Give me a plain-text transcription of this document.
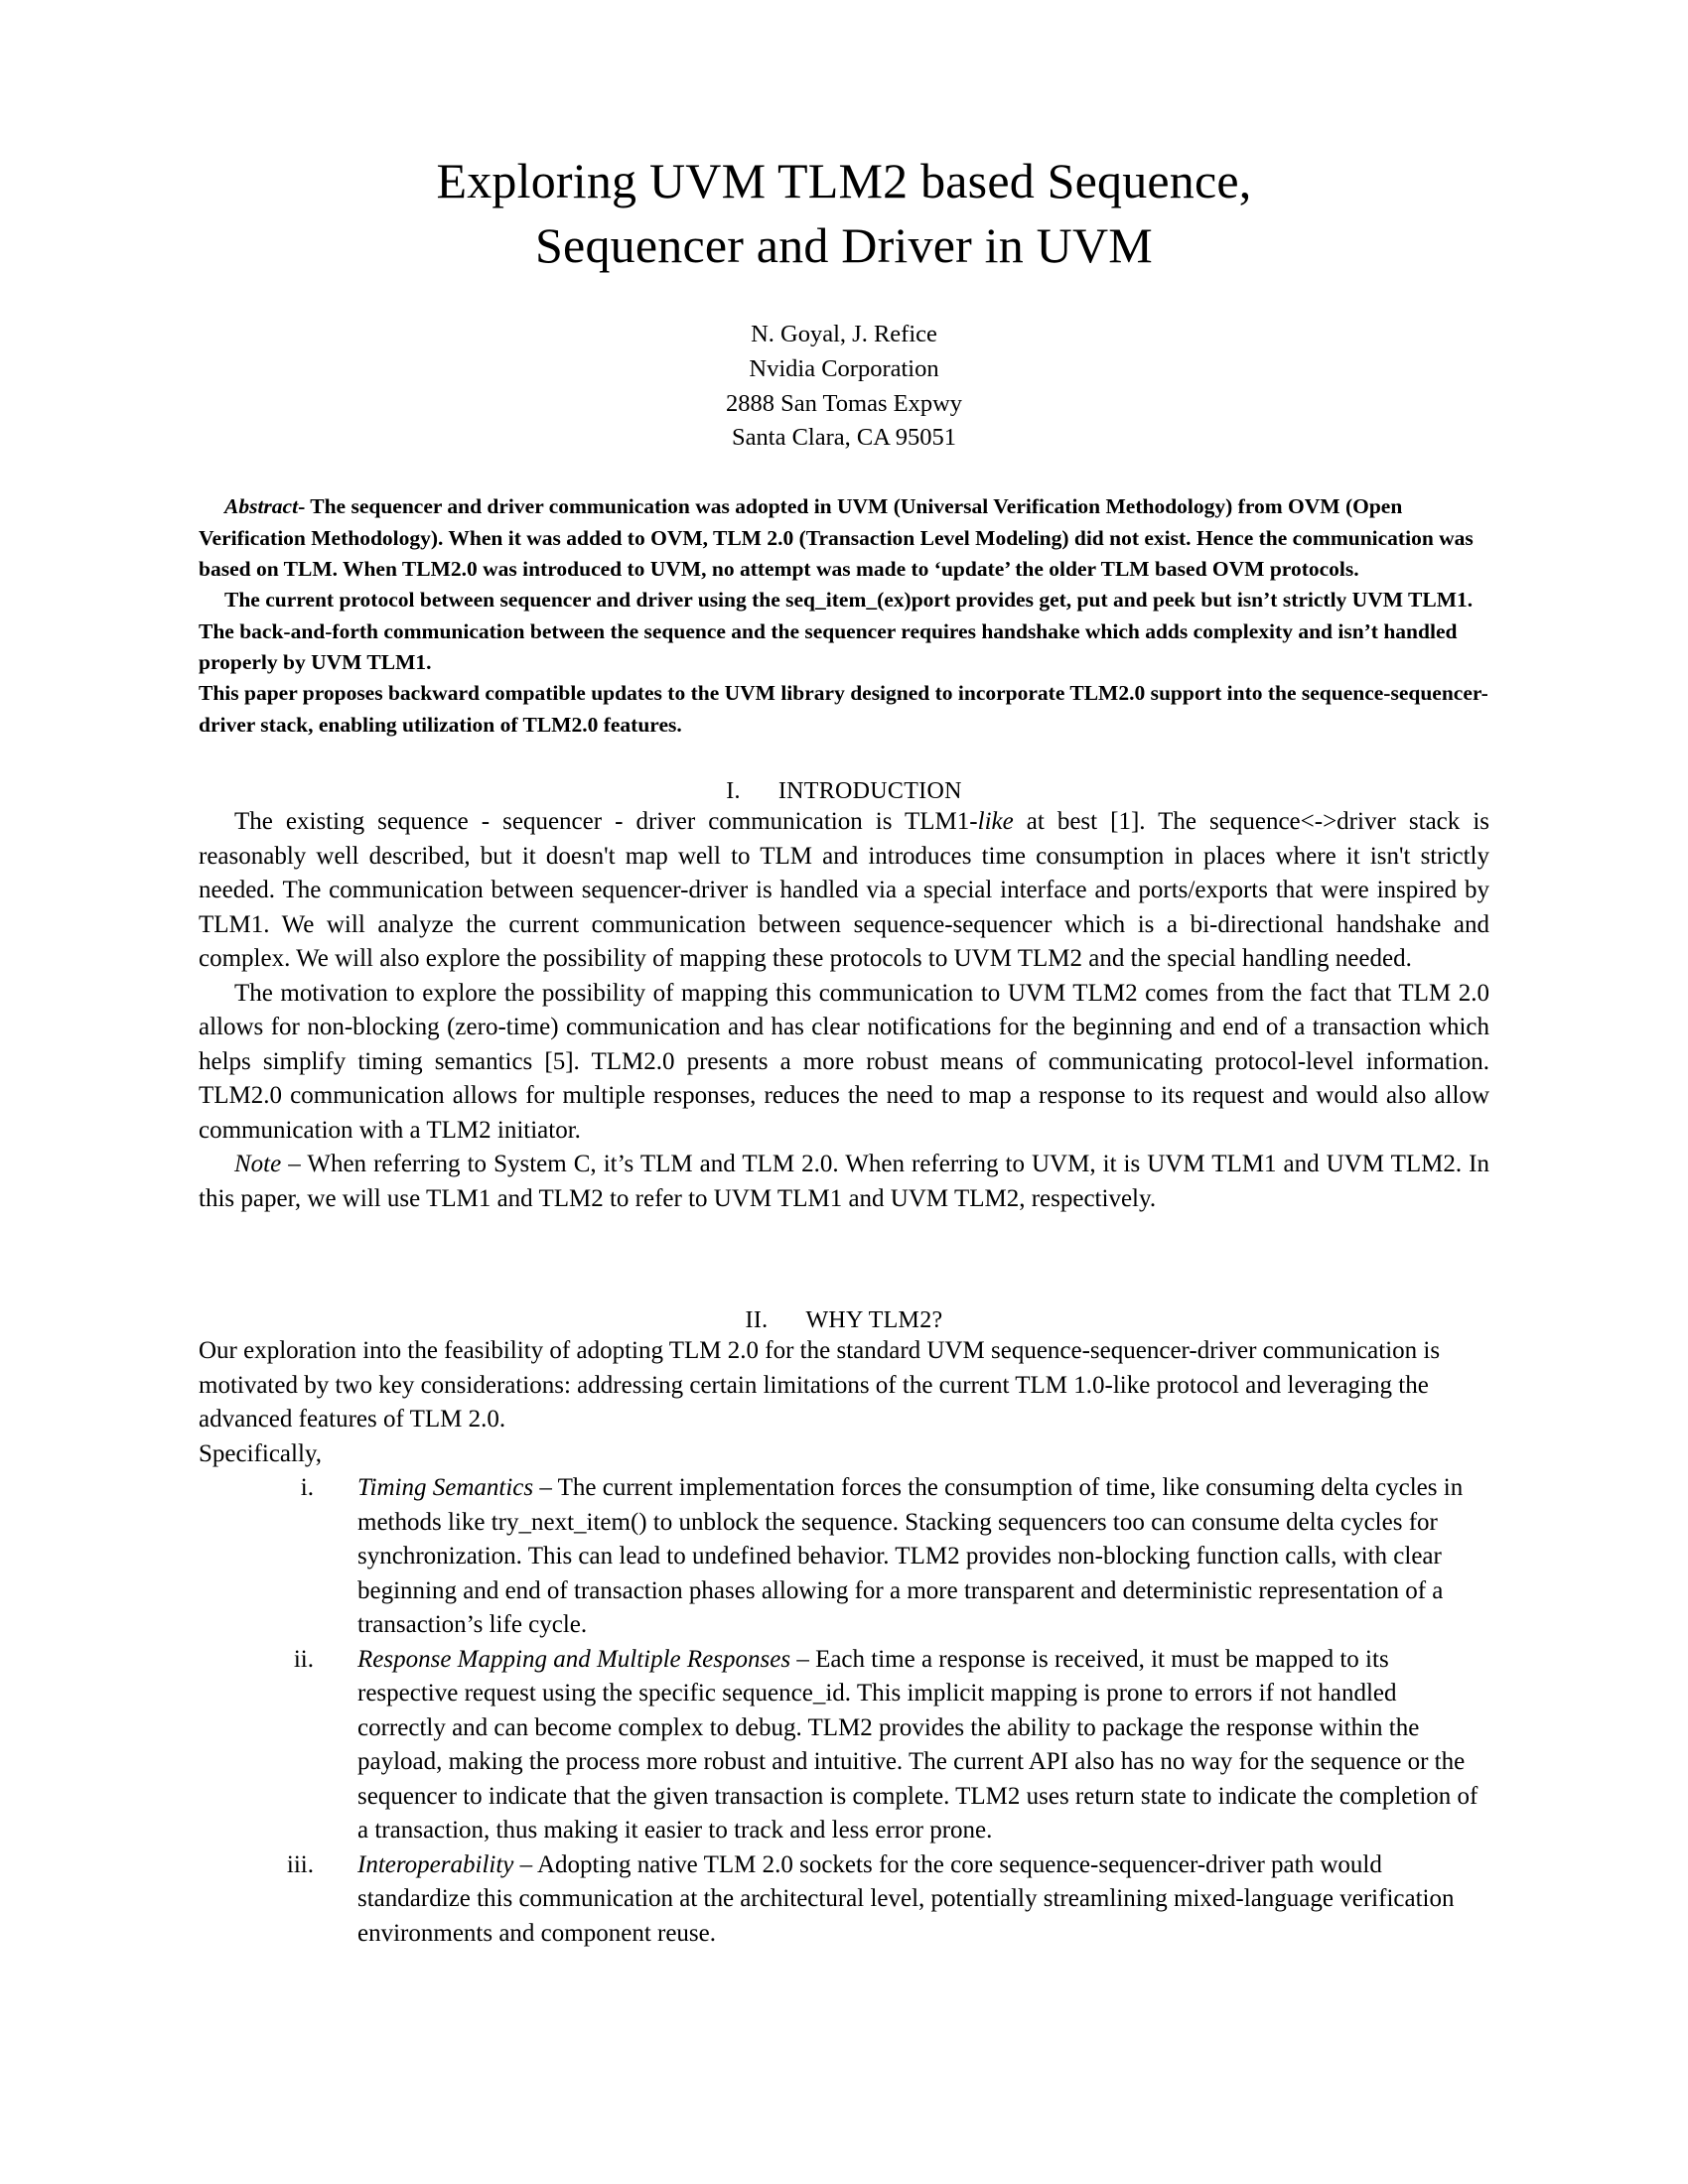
Exploring UVM TLM2 based Sequence,
Sequencer and Driver in UVM
N. Goyal, J. Refice
Nvidia Corporation
2888 San Tomas Expwy
Santa Clara, CA 95051

Abstract- The sequencer and driver communication was adopted in UVM (Universal Verification Methodology) from OVM (Open Verification Methodology). When it was added to OVM, TLM 2.0 (Transaction Level Modeling) did not exist. Hence the communication was based on TLM. When TLM2.0 was introduced to UVM, no attempt was made to ‘update’ the older TLM based OVM protocols.

The current protocol between sequencer and driver using the seq_item_(ex)port provides get, put and peek but isn’t strictly UVM TLM1. The back-and-forth communication between the sequence and the sequencer requires handshake which adds complexity and isn’t handled properly by UVM TLM1.

This paper proposes backward compatible updates to the UVM library designed to incorporate TLM2.0 support into the sequence-sequencer-driver stack, enabling utilization of TLM2.0 features.

I. INTRODUCTION

The existing sequence - sequencer - driver communication is TLM1-like at best [1]. The sequence<->driver stack is reasonably well described, but it doesn't map well to TLM and introduces time consumption in places where it isn't strictly needed. The communication between sequencer-driver is handled via a special interface and ports/exports that were inspired by TLM1. We will analyze the current communication between sequence-sequencer which is a bi-directional handshake and complex. We will also explore the possibility of mapping these protocols to UVM TLM2 and the special handling needed.

The motivation to explore the possibility of mapping this communication to UVM TLM2 comes from the fact that TLM 2.0 allows for non-blocking (zero-time) communication and has clear notifications for the beginning and end of a transaction which helps simplify timing semantics [5]. TLM2.0 presents a more robust means of communicating protocol-level information. TLM2.0 communication allows for multiple responses, reduces the need to map a response to its request and would also allow communication with a TLM2 initiator.

Note – When referring to System C, it’s TLM and TLM 2.0. When referring to UVM, it is UVM TLM1 and UVM TLM2. In this paper, we will use TLM1 and TLM2 to refer to UVM TLM1 and UVM TLM2, respectively.

II. WHY TLM2?

Our exploration into the feasibility of adopting TLM 2.0 for the standard UVM sequence-sequencer-driver communication is motivated by two key considerations: addressing certain limitations of the current TLM 1.0-like protocol and leveraging the advanced features of TLM 2.0.

Specifically,

i. Timing Semantics – The current implementation forces the consumption of time, like consuming delta cycles in methods like try_next_item() to unblock the sequence. Stacking sequencers too can consume delta cycles for synchronization. This can lead to undefined behavior. TLM2 provides non-blocking function calls, with clear beginning and end of transaction phases allowing for a more transparent and deterministic representation of a transaction’s life cycle.
ii. Response Mapping and Multiple Responses – Each time a response is received, it must be mapped to its respective request using the specific sequence_id. This implicit mapping is prone to errors if not handled correctly and can become complex to debug. TLM2 provides the ability to package the response within the payload, making the process more robust and intuitive. The current API also has no way for the sequence or the sequencer to indicate that the given transaction is complete. TLM2 uses return state to indicate the completion of a transaction, thus making it easier to track and less error prone.
iii. Interoperability – Adopting native TLM 2.0 sockets for the core sequence-sequencer-driver path would standardize this communication at the architectural level, potentially streamlining mixed-language verification environments and component reuse.
